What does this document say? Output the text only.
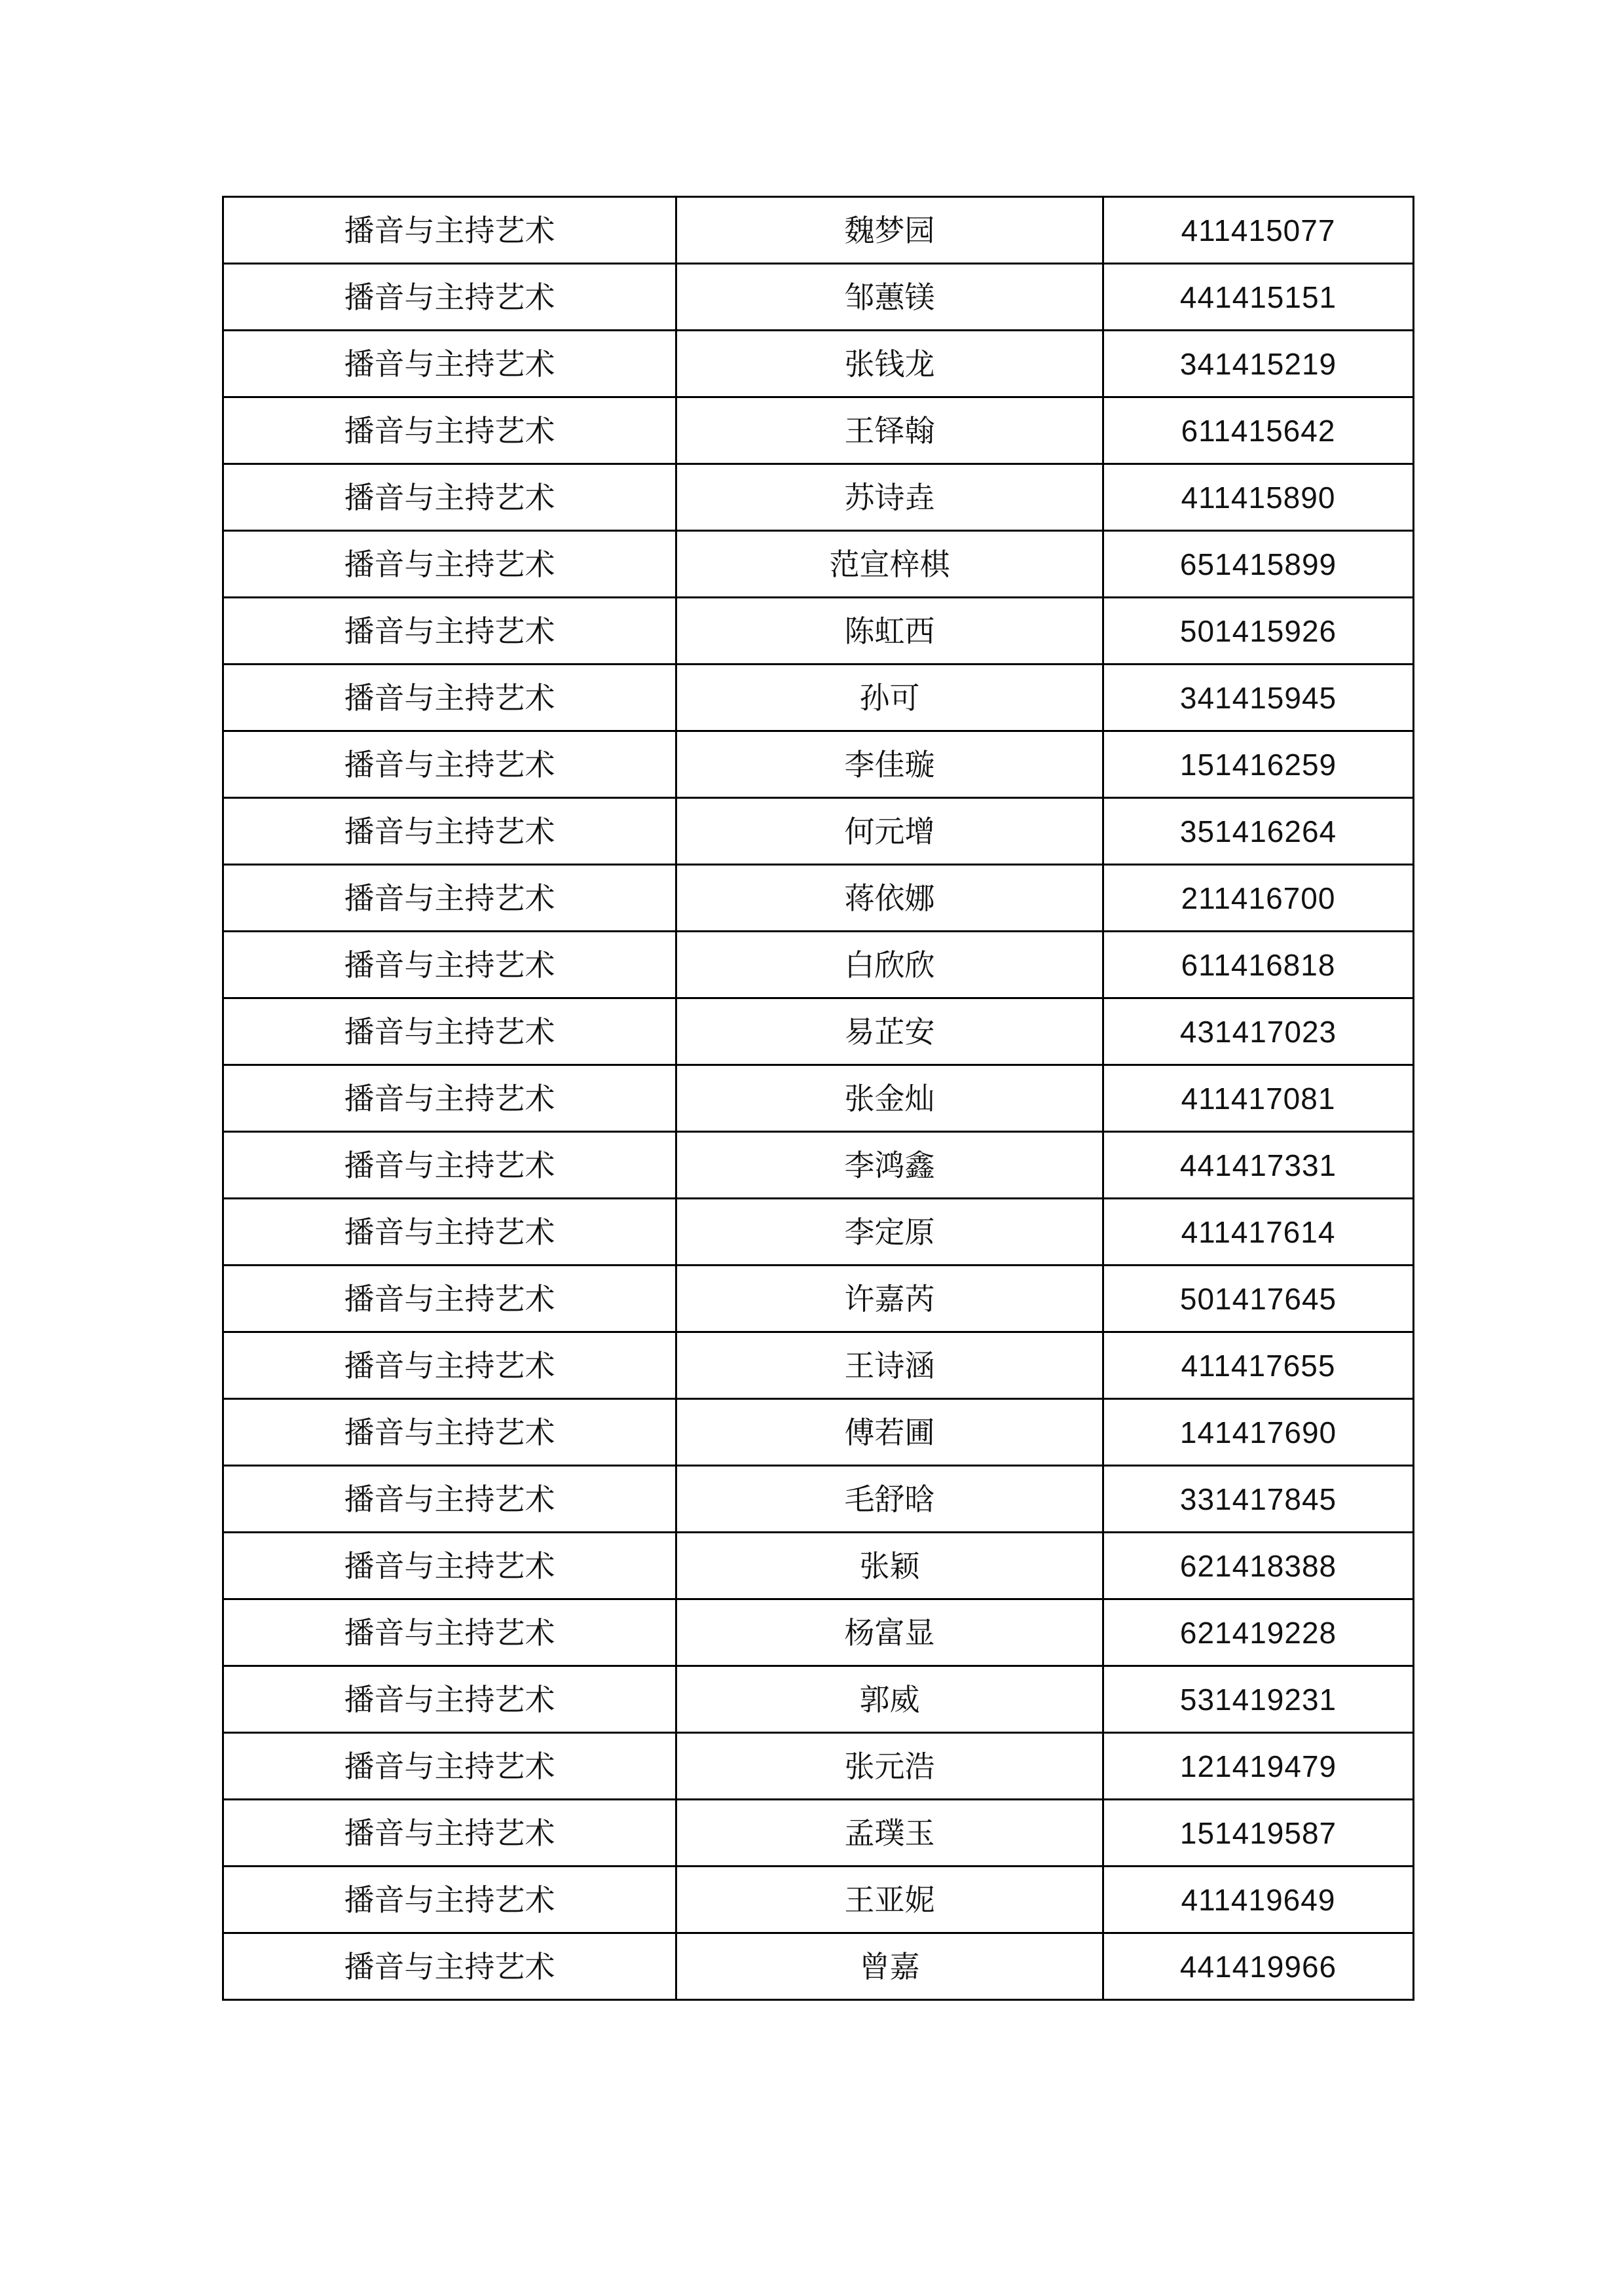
播音与主持艺术	魏梦园	411415077
播音与主持艺术	邹蕙镁	441415151
播音与主持艺术	张钱龙	341415219
播音与主持艺术	王铎翰	611415642
播音与主持艺术	苏诗垚	411415890
播音与主持艺术	范宣梓棋	651415899
播音与主持艺术	陈虹西	501415926
播音与主持艺术	孙可	341415945
播音与主持艺术	李佳璇	151416259
播音与主持艺术	何元增	351416264
播音与主持艺术	蒋依娜	211416700
播音与主持艺术	白欣欣	611416818
播音与主持艺术	易芷安	431417023
播音与主持艺术	张金灿	411417081
播音与主持艺术	李鸿鑫	441417331
播音与主持艺术	李定原	411417614
播音与主持艺术	许嘉芮	501417645
播音与主持艺术	王诗涵	411417655
播音与主持艺术	傅若圃	141417690
播音与主持艺术	毛舒晗	331417845
播音与主持艺术	张颖	621418388
播音与主持艺术	杨富显	621419228
播音与主持艺术	郭威	531419231
播音与主持艺术	张元浩	121419479
播音与主持艺术	孟璞玉	151419587
播音与主持艺术	王亚妮	411419649
播音与主持艺术	曾嘉	441419966
